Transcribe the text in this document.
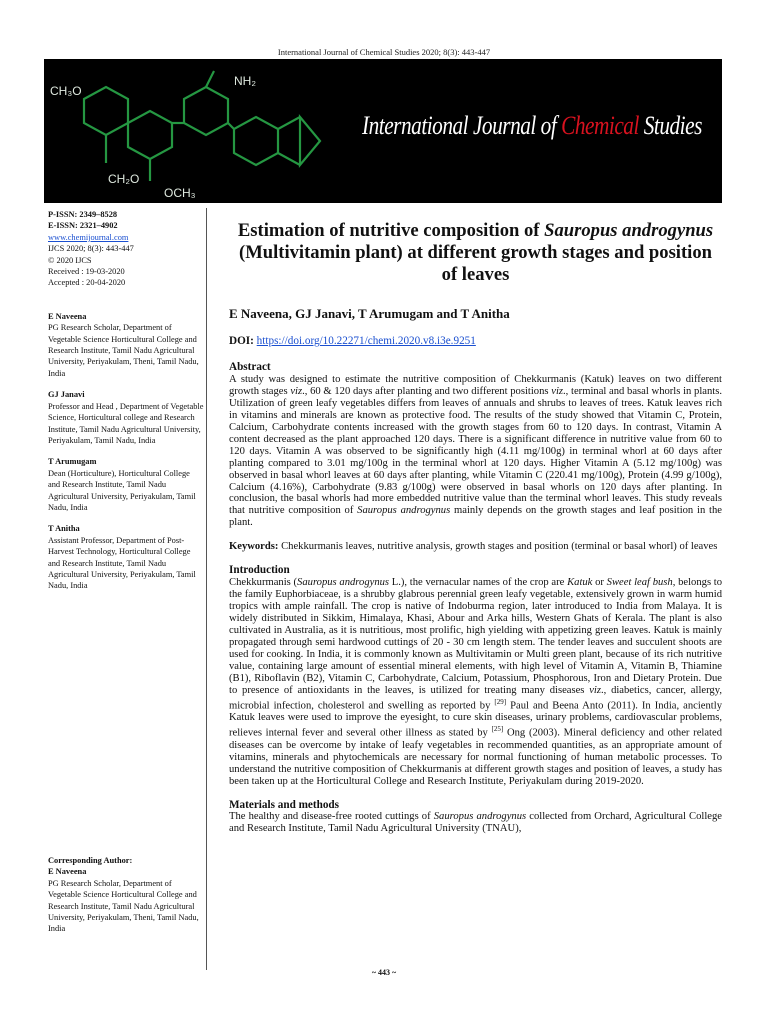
International Journal of Chemical Studies 2020; 8(3): 443-447
CH₃O
CH₂O
NH₂
OCH₃
International Journal of Chemical Studies

P-ISSN: 2349–8528

E-ISSN: 2321–4902

www.chemijournal.com

IJCS 2020; 8(3): 443-447

© 2020 IJCS

Received : 19-03-2020

Accepted : 20-04-2020

E Naveena

PG Research Scholar, Department of Vegetable Science Horticultural College and Research Institute, Tamil Nadu Agricultural University, Periyakulam, Theni, Tamil Nadu, India

GJ Janavi

Professor and Head , Department of Vegetable Science, Horticultural college and Research Institute, Tamil Nadu Agricultural University, Periyakulam, Tamil Nadu, India

T Arumugam

Dean (Horticulture), Horticultural College and Research Institute, Tamil Nadu Agricultural University, Periyakulam, Tamil Nadu, India

T Anitha

Assistant Professor, Department of Post-Harvest Technology, Horticultural College and Research Institute, Tamil Nadu Agricultural University, Periyakulam, Tamil Nadu, India

Corresponding Author:

E Naveena

PG Research Scholar, Department of Vegetable Science Horticultural College and Research Institute, Tamil Nadu Agricultural University, Periyakulam, Theni, Tamil Nadu, India

Estimation of nutritive composition of Sauropus androgynus (Multivitamin plant) at different growth stages and position of leaves
E Naveena, GJ Janavi, T Arumugam and T Anitha
DOI: https://doi.org/10.22271/chemi.2020.v8.i3e.9251
Abstract

A study was designed to estimate the nutritive composition of Chekkurmanis (Katuk) leaves on two different growth stages viz., 60 & 120 days after planting and two different positions viz., terminal and basal whorls in plants. Utilization of green leafy vegetables differs from leaves of annuals and shrubs to leaves of trees. Katuk leaves rich in vitamins and minerals are known as protective food. The results of the study showed that Vitamin C, Protein, Calcium, Carbohydrate contents increased with the growth stages from 60 to 120 days. In contrast, Vitamin A content decreased as the plant approached 120 days. There is a significant difference in nutritive value from 60 to 120 days. Vitamin A was observed to be significantly high (4.11 mg/100g) in terminal whorl at 60 days after planting compared to 3.01 mg/100g in the terminal whorl at 120 days. Higher Vitamin A (5.12 mg/100g) was observed in basal whorl leaves at 60 days after planting, while Vitamin C (220.41 mg/100g), Protein (4.99 g/100g), Calcium (4.16%), Carbohydrate (9.83 g/100g) were observed in basal whorls on 120 days after planting. In conclusion, the basal whorls had more embedded nutritive value than the terminal whorl leaves. This study reveals that nutritive composition of Sauropus androgynus mainly depends on the growth stages and leaf position in the plant.

Keywords: Chekkurmanis leaves, nutritive analysis, growth stages and position (terminal or basal whorl) of leaves

Introduction

Chekkurmanis (Sauropus androgynus L.), the vernacular names of the crop are Katuk or Sweet leaf bush, belongs to the family Euphorbiaceae, is a shrubby glabrous perennial green leafy vegetable, extensively grown in warm humid tropics with ample rainfall. The crop is native of Indoburma region, later introduced to India from Malaya. It is widely distributed in Sikkim, Himalaya, Khasi, Abour and Arka hills, Western Ghats of Kerala. The plant is also cultivated in Australia, as it is nutritious, most prolific, high yielding with appetizing green leaves. Katuk is mainly propagated through semi hardwood cuttings of 20 - 30 cm length stem. The tender leaves and succulent shoots are used for cooking. In India, it is commonly known as Multivitamin or Multi green plant, because of its rich nutritive value, containing large amount of essential mineral elements, with high level of Vitamin A, Vitamin B, Thiamine (B1), Riboflavin (B2), Vitamin C, Carbohydrate, Calcium, Potassium, Phosphorous, Iron and Dietary Protein. Due to presence of antioxidants in the leaves, is utilized for treating many diseases viz., diabetics, cancer, allergy, microbial infection, cholesterol and swelling as reported by [29] Paul and Beena Anto (2011). In India, anciently Katuk leaves were used to improve the eyesight, to cure skin diseases, urinary problems, cardiovascular problems, relieves internal fever and several other illness as stated by [25] Ong (2003). Mineral deficiency and other related diseases can be overcome by intake of leafy vegetables in recommended quantities, as an appropriate amount of vitamins, minerals and phytochemicals are necessary for normal functioning of human metabolic processes. To understand the nutritive composition of Chekkurmanis at different growth stages and position of leaves, a study has been taken up at the Horticultural College and Research Institute, Periyakulam during 2019-2020.

Materials and methods

The healthy and disease-free rooted cuttings of Sauropus androgynus collected from Orchard, Agricultural College and Research Institute, Tamil Nadu Agricultural University (TNAU),

~ 443 ~
